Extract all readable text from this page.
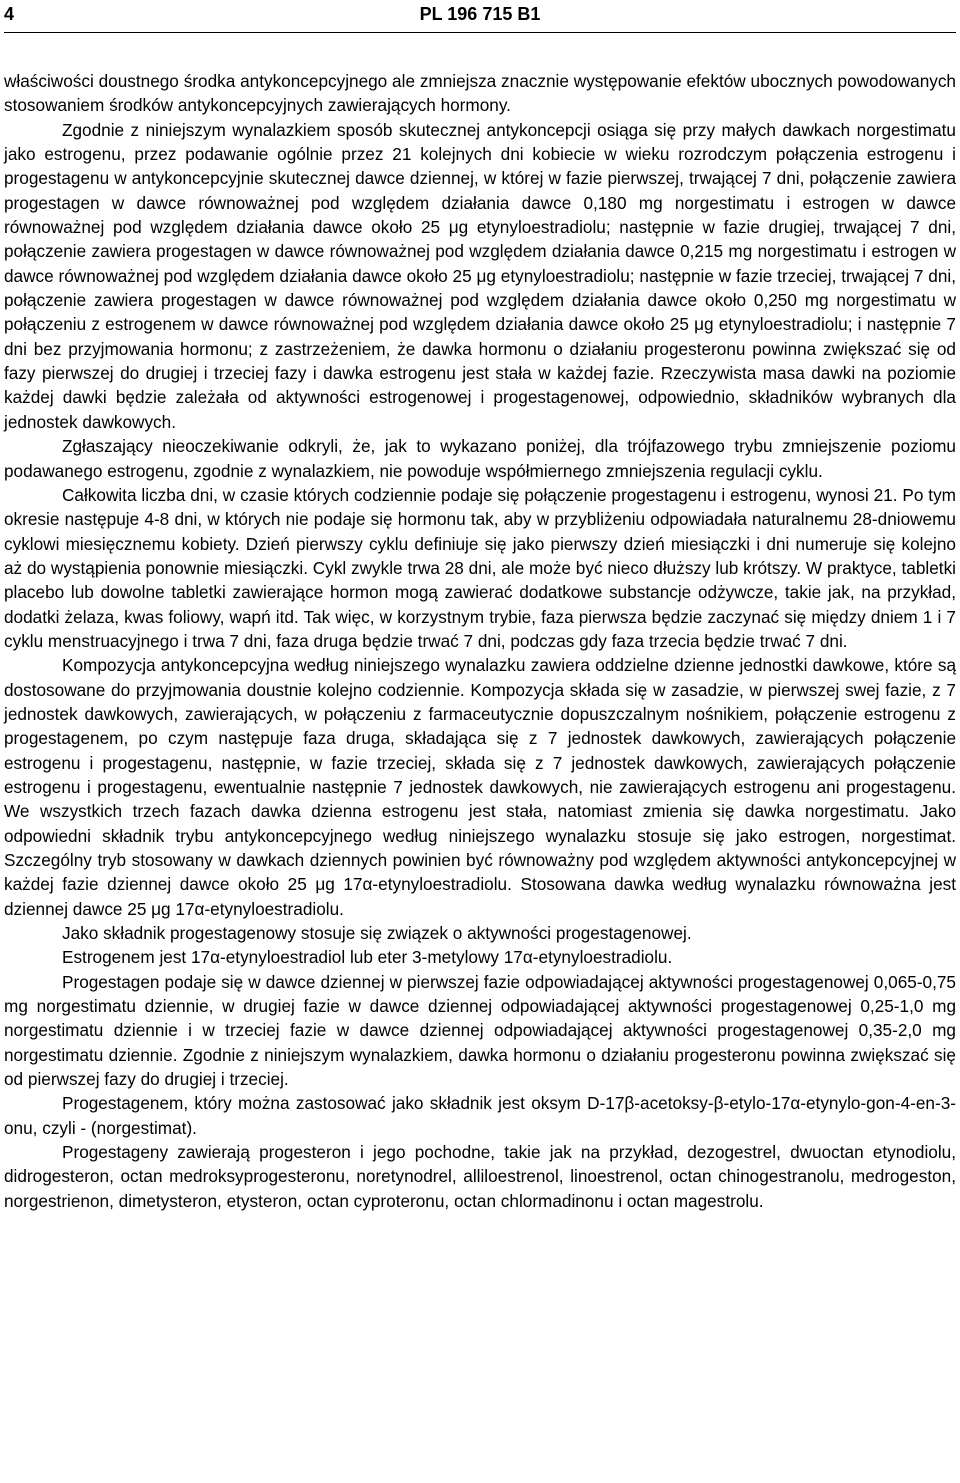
4	PL 196 715 B1

właściwości doustnego środka antykoncepcyjnego ale zmniejsza znacznie występowanie efektów ubocznych powodowanych stosowaniem środków antykoncepcyjnych zawierających hormony.

Zgodnie z niniejszym wynalazkiem sposób skutecznej antykoncepcji osiąga się przy małych dawkach norgestimatu jako estrogenu, przez podawanie ogólnie przez 21 kolejnych dni kobiecie w wieku rozrodczym połączenia estrogenu i progestagenu w antykoncepcyjnie skutecznej dawce dziennej, w której w fazie pierwszej, trwającej 7 dni, połączenie zawiera progestagen w dawce równoważnej pod względem działania dawce 0,180 mg norgestimatu i estrogen w dawce równoważnej pod względem działania dawce około 25 μg etynyloestradiolu; następnie w fazie drugiej, trwającej 7 dni, połączenie zawiera progestagen w dawce równoważnej pod względem działania dawce 0,215 mg norgestimatu i estrogen w dawce równoważnej pod względem działania dawce około 25 μg etynyloestradiolu; następnie w fazie trzeciej, trwającej 7 dni, połączenie zawiera progestagen w dawce równoważnej pod względem działania dawce około 0,250 mg norgestimatu w połączeniu z estrogenem w dawce równoważnej pod względem działania dawce około 25 μg etynyloestradiolu; i następnie 7 dni bez przyjmowania hormonu; z zastrzeżeniem, że dawka hormonu o działaniu progesteronu powinna zwiększać się od fazy pierwszej do drugiej i trzeciej fazy i dawka estrogenu jest stała w każdej fazie. Rzeczywista masa dawki na poziomie każdej dawki będzie zależała od aktywności estrogenowej i progestagenowej, odpowiednio, składników wybranych dla jednostek dawkowych.

Zgłaszający nieoczekiwanie odkryli, że, jak to wykazano poniżej, dla trójfazowego trybu zmniejszenie poziomu podawanego estrogenu, zgodnie z wynalazkiem, nie powoduje współmiernego zmniejszenia regulacji cyklu.

Całkowita liczba dni, w czasie których codziennie podaje się połączenie progestagenu i estrogenu, wynosi 21. Po tym okresie następuje 4-8 dni, w których nie podaje się hormonu tak, aby w przybliżeniu odpowiadała naturalnemu 28-dniowemu cyklowi miesięcznemu kobiety. Dzień pierwszy cyklu definiuje się jako pierwszy dzień miesiączki i dni numeruje się kolejno aż do wystąpienia ponownie miesiączki. Cykl zwykle trwa 28 dni, ale może być nieco dłuższy lub krótszy. W praktyce, tabletki placebo lub dowolne tabletki zawierające hormon mogą zawierać dodatkowe substancje odżywcze, takie jak, na przykład, dodatki żelaza, kwas foliowy, wapń itd. Tak więc, w korzystnym trybie, faza pierwsza będzie zaczynać się między dniem 1 i 7 cyklu menstruacyjnego i trwa 7 dni, faza druga będzie trwać 7 dni, podczas gdy faza trzecia będzie trwać 7 dni.

Kompozycja antykoncepcyjna według niniejszego wynalazku zawiera oddzielne dzienne jednostki dawkowe, które są dostosowane do przyjmowania doustnie kolejno codziennie. Kompozycja składa się w zasadzie, w pierwszej swej fazie, z 7 jednostek dawkowych, zawierających, w połączeniu z farmaceutycznie dopuszczalnym nośnikiem, połączenie estrogenu z progestagenem, po czym następuje faza druga, składająca się z 7 jednostek dawkowych, zawierających połączenie estrogenu i progestagenu, następnie, w fazie trzeciej, składa się z 7 jednostek dawkowych, zawierających połączenie estrogenu i progestagenu, ewentualnie następnie 7 jednostek dawkowych, nie zawierających estrogenu ani progestagenu. We wszystkich trzech fazach dawka dzienna estrogenu jest stała, natomiast zmienia się dawka norgestimatu. Jako odpowiedni składnik trybu antykoncepcyjnego według niniejszego wynalazku stosuje się jako estrogen, norgestimat. Szczególny tryb stosowany w dawkach dziennych powinien być równoważny pod względem aktywności antykoncepcyjnej w każdej fazie dziennej dawce około 25 μg 17α-etynyloestradiolu. Stosowana dawka według wynalazku równoważna jest dziennej dawce 25 μg 17α-etynyloestradiolu.

Jako składnik progestagenowy stosuje się związek o aktywności progestagenowej.

Estrogenem jest 17α-etynyloestradiol lub eter 3-metylowy 17α-etynyloestradiolu.

Progestagen podaje się w dawce dziennej w pierwszej fazie odpowiadającej aktywności progestagenowej 0,065-0,75 mg norgestimatu dziennie, w drugiej fazie w dawce dziennej odpowiadającej aktywności progestagenowej 0,25-1,0 mg norgestimatu dziennie i w trzeciej fazie w dawce dziennej odpowiadającej aktywności progestagenowej 0,35-2,0 mg norgestimatu dziennie. Zgodnie z niniejszym wynalazkiem, dawka hormonu o działaniu progesteronu powinna zwiększać się od pierwszej fazy do drugiej i trzeciej.

Progestagenem, który można zastosować jako składnik jest oksym D-17β-acetoksy-β-etylo-17α-etynylo-gon-4-en-3-onu, czyli - (norgestimat).

Progestageny zawierają progesteron i jego pochodne, takie jak na przykład, dezogestrel, dwuoctan etynodiolu, didrogesteron, octan medroksyprogesteronu, noretynodrel, alliloestrenol, linoestrenol, octan chinogestranolu, medrogeston, norgestrienon, dimetysteron, etysteron, octan cyproteronu, octan chlormadinonu i octan magestrolu.
